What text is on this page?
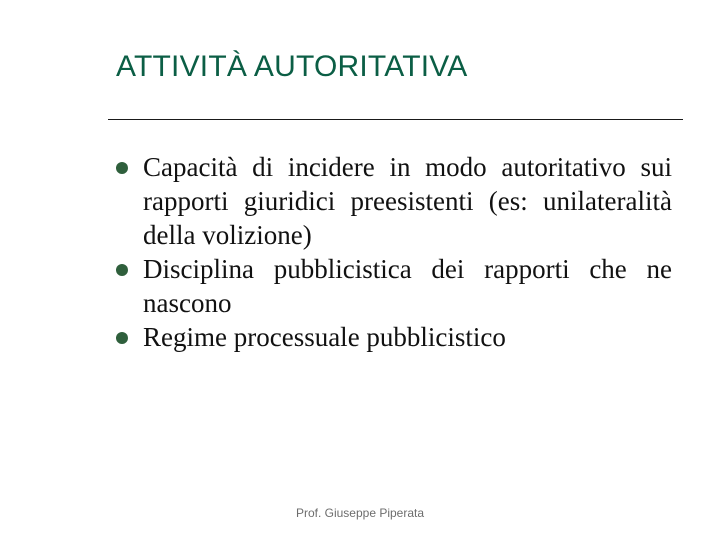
ATTIVITÀ AUTORITATIVA
Capacità di incidere in modo autoritativo sui rapporti giuridici preesistenti (es: unilateralità della volizione)
Disciplina pubblicistica dei rapporti che ne nascono
Regime processuale pubblicistico
Prof. Giuseppe Piperata
